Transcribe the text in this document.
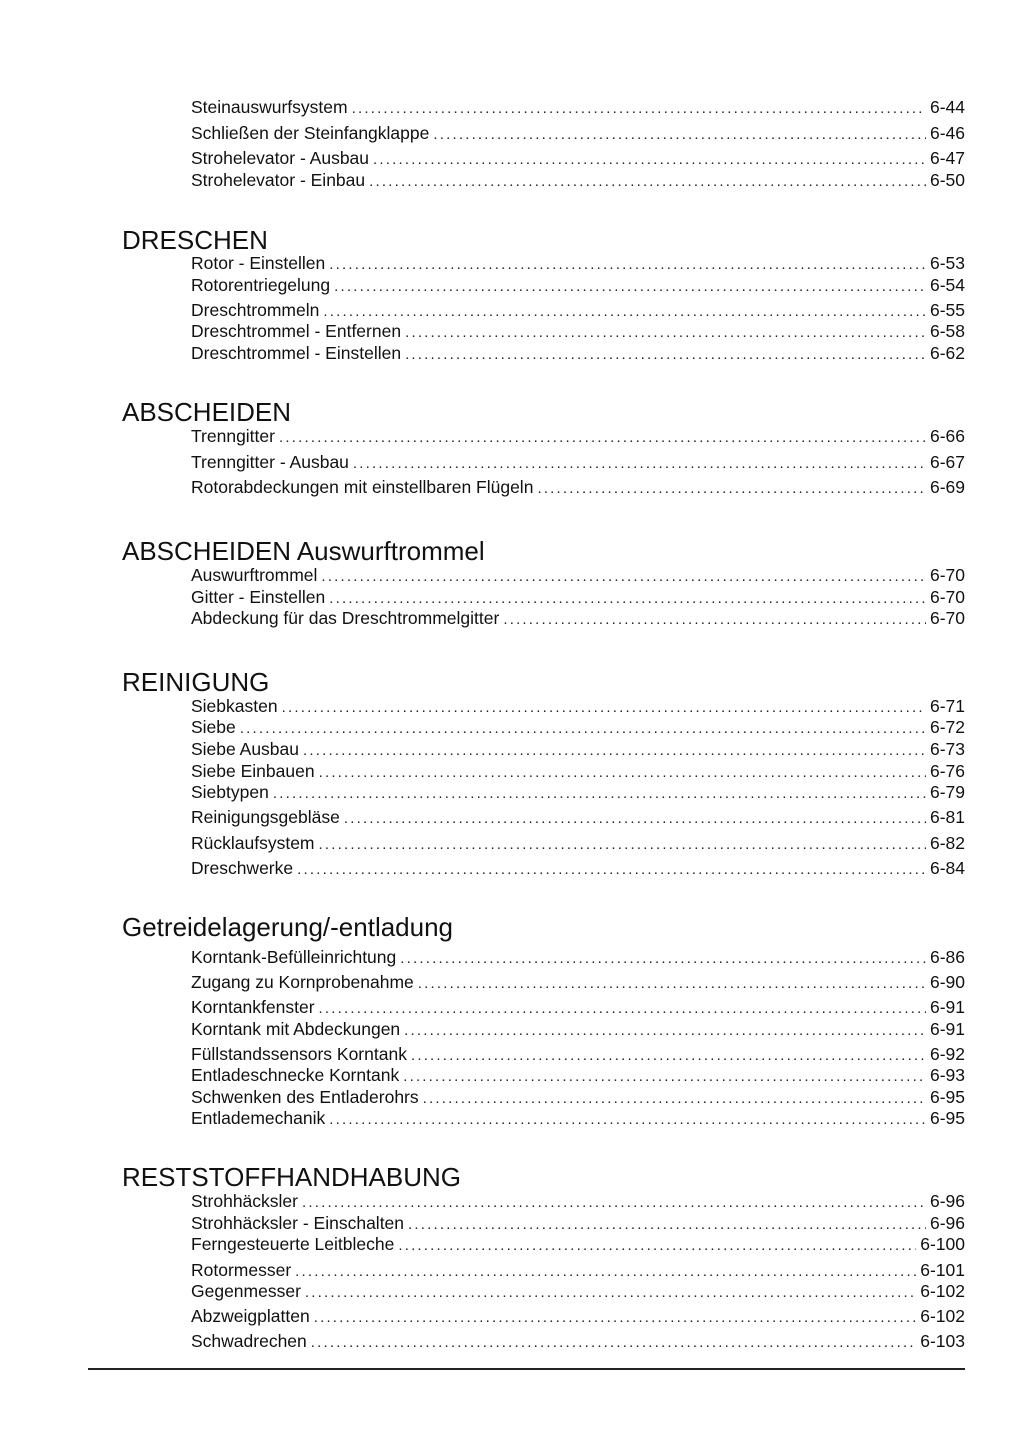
Steinauswurfsystem .....	6-44
Schließen der Steinfangklappe .....	6-46
Strohelevator - Ausbau .....	6-47
Strohelevator - Einbau .....	6-50
DRESCHEN
Rotor - Einstellen .....	6-53
Rotorentriegelung .....	6-54
Dreschtrommeln .....	6-55
Dreschtrommel - Entfernen .....	6-58
Dreschtrommel - Einstellen .....	6-62
ABSCHEIDEN
Trenngitter .....	6-66
Trenngitter - Ausbau .....	6-67
Rotorabdeckungen mit einstellbaren Flügeln .....	6-69
ABSCHEIDEN Auswurftrommel
Auswurftrommel .....	6-70
Gitter - Einstellen .....	6-70
Abdeckung für das Dreschtrommelgitter .....	6-70
REINIGUNG
Siebkasten .....	6-71
Siebe .....	6-72
Siebe Ausbau .....	6-73
Siebe Einbauen .....	6-76
Siebtypen .....	6-79
Reinigungsgebläse .....	6-81
Rücklaufsystem .....	6-82
Dreschwerke .....	6-84
Getreidelagerung/-entladung
Korntank-Befülleinrichtung .....	6-86
Zugang zu Kornprobenahme .....	6-90
Korntankfenster .....	6-91
Korntank mit Abdeckungen .....	6-91
Füllstandssensors Korntank .....	6-92
Entladeschnecke Korntank .....	6-93
Schwenken des Entladerohrs .....	6-95
Entlademechanik .....	6-95
RESTSTOFFHANDHABUNG
Strohhäcksler .....	6-96
Strohhäcksler - Einschalten .....	6-96
Ferngesteuerte Leitbleche .....	6-100
Rotormesser .....	6-101
Gegenmesser .....	6-102
Abzweigplatten .....	6-102
Schwadrechen .....	6-103
